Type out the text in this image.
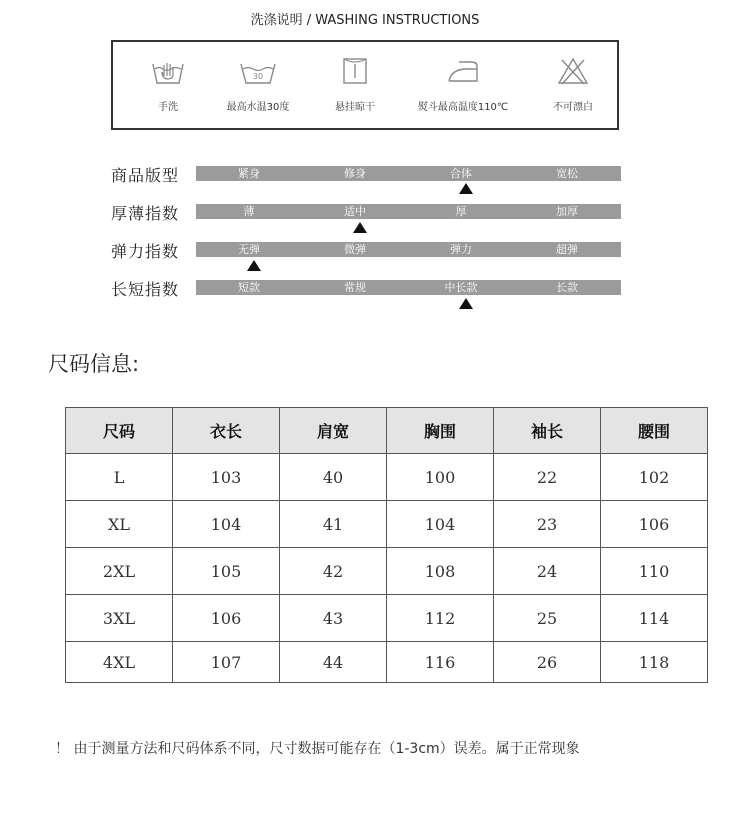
洗涤说明 / WASHING INSTRUCTIONS
手洗
30
最高水温30度	悬挂晾干	熨斗最高温度110℃	不可漂白
商品版型	紧身	修身	合体	宽松
厚薄指数	薄	适中	厚	加厚
弹力指数	无弹	微弹	弹力	超弹
长短指数	短款	常规	中长款	长款
尺码信息:
尺码	衣长	肩宽	胸围	袖长	腰围
L	103	40	100	22	102
XL	104	41	104	23	106
2XL	105	42	108	24	110
3XL	106	43	112	25	114
4XL	107	44	116	26	118
！ 由于测量方法和尺码体系不同，尺寸数据可能存在（1-3cm）误差。属于正常现象
